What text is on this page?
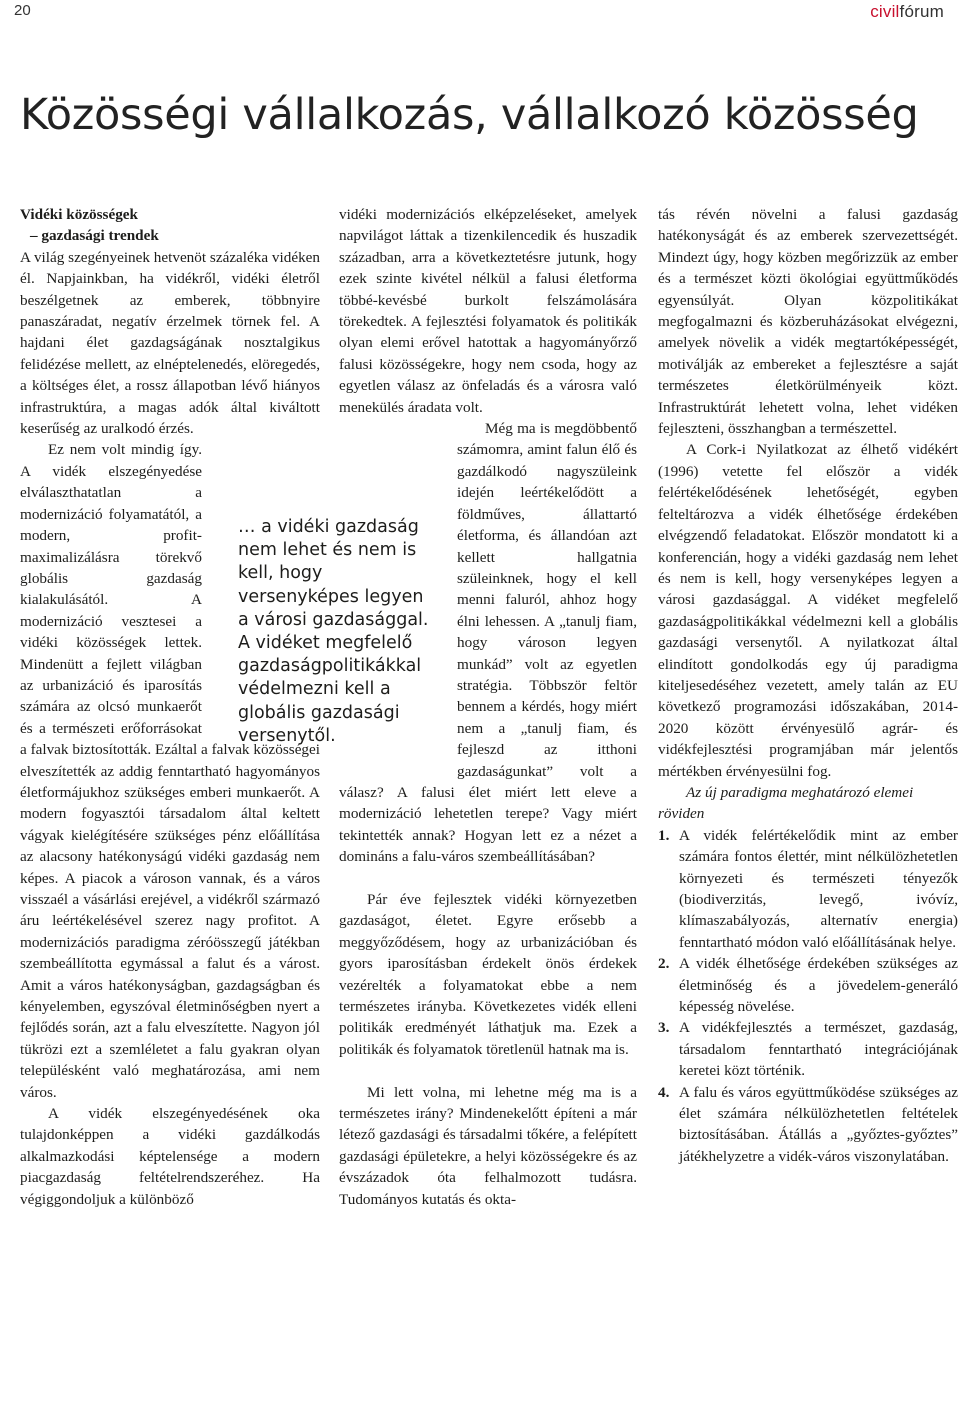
20	civilfórum
Közösségi vállalkozás, vállalkozó közösség
Vidéki közösségek
– gazdasági trendek

A világ szegényeinek hetvenöt százaléka vidéken él. Napjainkban, ha vidékről, vidéki életről beszélgetnek az emberek, többnyire panaszáradat, negatív érzelmek törnek fel. A hajdani élet gazdagságának nosztalgikus felidézése mellett, az elnéptelenedés, elöregedés, a költséges élet, a rossz állapotban lévő hiányos infrastruktúra, a magas adók által kiváltott keserűség az uralkodó érzés.

Ez nem volt mindig így. A vidék elszegényedése elválaszthatatlan a modernizáció folyamatától, a modern, profit-maximalizálásra törekvő globális gazdaság kialakulásától. A modernizáció vesztesei a vidéki közösségek lettek. Mindenütt a fejlett világban az urbanizáció és iparosítás számára az olcsó munkaerőt és a természeti erőforrásokat a falvak biztosították. Ezáltal a falvak közösségei elveszítették az addig fenntartható hagyományos életformájukhoz szükséges emberi munkaerőt. A modern fogyasztói társadalom által keltett vágyak kielégítésére szükséges pénz előállítása az alacsony hatékonyságú vidéki gazdaság nem képes. A piacok a városon vannak, és a város visszaél a vásárlási erejével, a vidékről származó áru leértékelésével szerez nagy profitot. A modernizációs paradigma zéróösszegű játékban szembeállította egymással a falut és a várost. Amit a város hatékonyságban, gazdagságban és kényelemben, egyszóval életminőségben nyert a fejlődés során, azt a falu elveszítette. Nagyon jól tükrözi ezt a szemléletet a falu gyakran olyan településként való meghatározása, ami nem város.

A vidék elszegényedésének oka tulajdonképpen a vidéki gazdálkodás alkalmazkodási képtelensége a modern piacgazdaság feltételrendszeréhez. Ha végiggondoljuk a különböző

… a vidéki gazdaság nem lehet és nem is kell, hogy versenyképes legyen a városi gazdasággal. A vidéket megfelelő gazdaságpolitikákkal védelmezni kell a globális gazdasági versenytől.

vidéki modernizációs elképzeléseket, amelyek napvilágot láttak a tizenkilencedik és huszadik században, arra a következtetésre jutunk, hogy ezek szinte kivétel nélkül a falusi életforma többé-kevésbé burkolt felszámolására törekedtek. A fejlesztési folyamatok és politikák olyan elemi erővel hatottak a hagyományőrző falusi közösségekre, hogy nem csoda, hogy az egyetlen válasz az önfeladás és a városra való menekülés áradata volt.

Még ma is megdöbbentő számomra, amint falun élő és gazdálkodó nagyszüleink idején leértékelődött a földműves, állattartó életforma, és állandóan azt kellett hallgatnia szüleinknek, hogy el kell menni faluról, ahhoz hogy élni lehessen. A „tanulj fiam, hogy városon legyen munkád” volt az egyetlen stratégia. Többször feltör bennem a kérdés, hogy miért nem a „tanulj fiam, és fejleszd az itthoni gazdaságunkat” volt a válasz? A falusi élet miért lett eleve a modernizáció lehetetlen terepe? Vagy miért tekintették annak? Hogyan lett ez a nézet a domináns a falu-város szembeállításában?

Pár éve fejlesztek vidéki környezetben gazdaságot, életet. Egyre erősebb a meggyőződésem, hogy az urbanizációban és gyors iparosításban érdekelt önös érdekek vezérelték a folyamatokat ebbe a nem természetes irányba. Következetes vidék elleni politikák eredményét láthatjuk ma. Ezek a politikák és folyamatok töretlenül hatnak ma is.

Mi lett volna, mi lehetne még ma is a természetes irány? Mindenekelőtt építeni a már létező gazdasági és társadalmi tőkére, a felépített gazdasági épületekre, a helyi közösségekre és az évszázadok óta felhalmozott tudásra. Tudományos kutatás és okta-

tás révén növelni a falusi gazdaság hatékonyságát és az emberek szervezettségét. Mindezt úgy, hogy közben megőrizzük az ember és a természet közti ökológiai együttműködés egyensúlyát. Olyan közpolitikákat megfogalmazni és közberuházásokat elvégezni, amelyek növelik a vidék megtartóképességét, motiválják az embereket a fejlesztésre a saját természetes életkörülményeik közt. Infrastruktúrát lehetett volna, lehet vidéken fejleszteni, összhangban a természettel.

A Cork-i Nyilatkozat az élhető vidékért (1996) vetette fel először a vidék felértékelődésének lehetőségét, egyben felteltározva a vidék élhetősége érdekében elvégzendő feladatokat. Először mondatott ki a konferencián, hogy a vidéki gazdaság nem lehet és nem is kell, hogy versenyképes legyen a városi gazdasággal. A vidéket megfelelő gazdaságpolitikákkal védelmezni kell a globális gazdasági versenytől. A nyilatkozat által elindított gondolkodás egy új paradigma kiteljesedéséhez vezetett, amely talán az EU következő programozási időszakában, 2014-2020 között érvényesülő agrár- és vidékfejlesztési programjában már jelentős mértékben érvényesülni fog.

Az új paradigma meghatározó elemei röviden

1. A vidék felértékelődik mint az ember számára fontos élettér, mint nélkülözhetetlen környezeti és természeti tényezők (biodiverzitás, levegő, ivóvíz, klímaszabályozás, alternatív energia) fenntartható módon való előállításának helye.
2. A vidék élhetősége érdekében szükséges az életminőség és a jövedelem-generáló képesség növelése.
3. A vidékfejlesztés a természet, gazdaság, társadalom fenntartható integrációjának keretei közt történik.
4. A falu és város együttműködése szükséges az élet számára nélkülözhetetlen feltételek biztosításában. Átállás a „győztes-győztes” játékhelyzetre a vidék-város viszonylatában.
